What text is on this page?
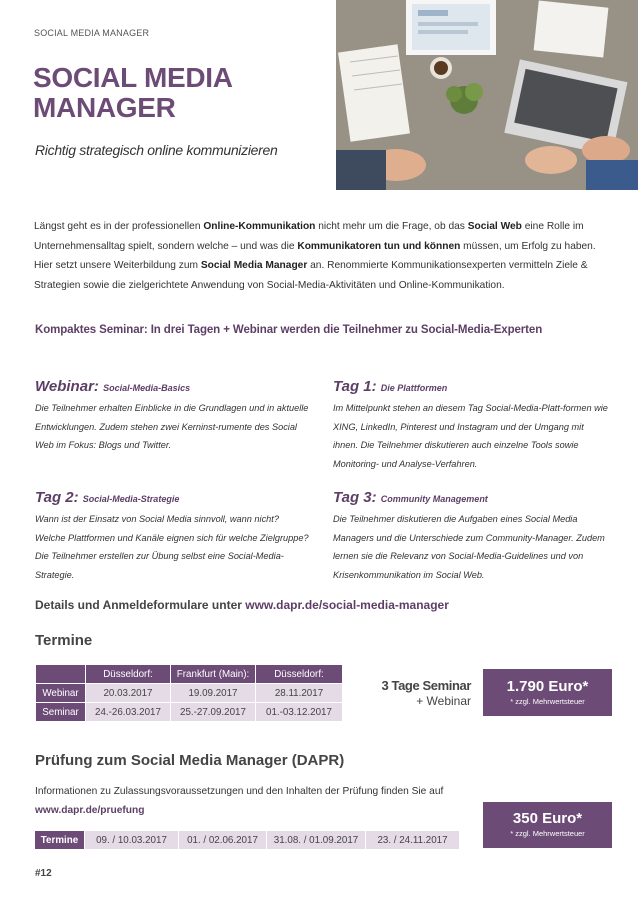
SOCIAL MEDIA MANAGER
SOCIAL MEDIA MANAGER
Richtig strategisch online kommunizieren
Längst geht es in der professionellen Online-Kommunikation nicht mehr um die Frage, ob das Social Web eine Rolle im Unternehmensalltag spielt, sondern welche – und was die Kommunikatoren tun und können müssen, um Erfolg zu haben. Hier setzt unsere Weiterbildung zum Social Media Manager an. Renommierte Kommunikationsexperten vermitteln Ziele & Strategien sowie die zielgerichtete Anwendung von Social-Media-Aktivitäten und Online-Kommunikation.
Kompaktes Seminar: In drei Tagen + Webinar werden die Teilnehmer zu Social-Media-Experten
Webinar: Social-Media-Basics
Die Teilnehmer erhalten Einblicke in die Grundlagen und in aktuelle Entwicklungen. Zudem stehen zwei Kerninst-rumente des Social Web im Fokus: Blogs und Twitter.
Tag 1: Die Plattformen
Im Mittelpunkt stehen an diesem Tag Social-Media-Platt-formen wie XING, LinkedIn, Pinterest und Instagram und der Umgang mit ihnen. Die Teilnehmer diskutieren auch einzelne Tools sowie Monitoring- und Analyse-Verfahren.
Tag 2: Social-Media-Strategie
Wann ist der Einsatz von Social Media sinnvoll, wann nicht? Welche Plattformen und Kanäle eignen sich für welche Zielgruppe? Die Teilnehmer erstellen zur Übung selbst eine Social-Media-Strategie.
Tag 3: Community Management
Die Teilnehmer diskutieren die Aufgaben eines Social Media Managers und die Unterschiede zum Community-Manager. Zudem lernen sie die Relevanz von Social-Media-Guidelines und von Krisenkommunikation im Social Web.
Details und Anmeldeformulare unter www.dapr.de/social-media-manager
Termine
	Düsseldorf:	Frankfurt (Main):	Düsseldorf:
Webinar	20.03.2017	19.09.2017	28.11.2017
Seminar	24.-26.03.2017	25.-27.09.2017	01.-03.12.2017
3 Tage Seminar
+ Webinar
1.790 Euro*
* zzgl. Mehrwertsteuer
Prüfung zum Social Media Manager (DAPR)
Informationen zu Zulassungsvoraussetzungen und den Inhalten der Prüfung finden Sie auf www.dapr.de/pruefung
Termine	09. / 10.03.2017	01. / 02.06.2017	31.08. / 01.09.2017	23. / 24.11.2017
350 Euro*
* zzgl. Mehrwertsteuer
#12
